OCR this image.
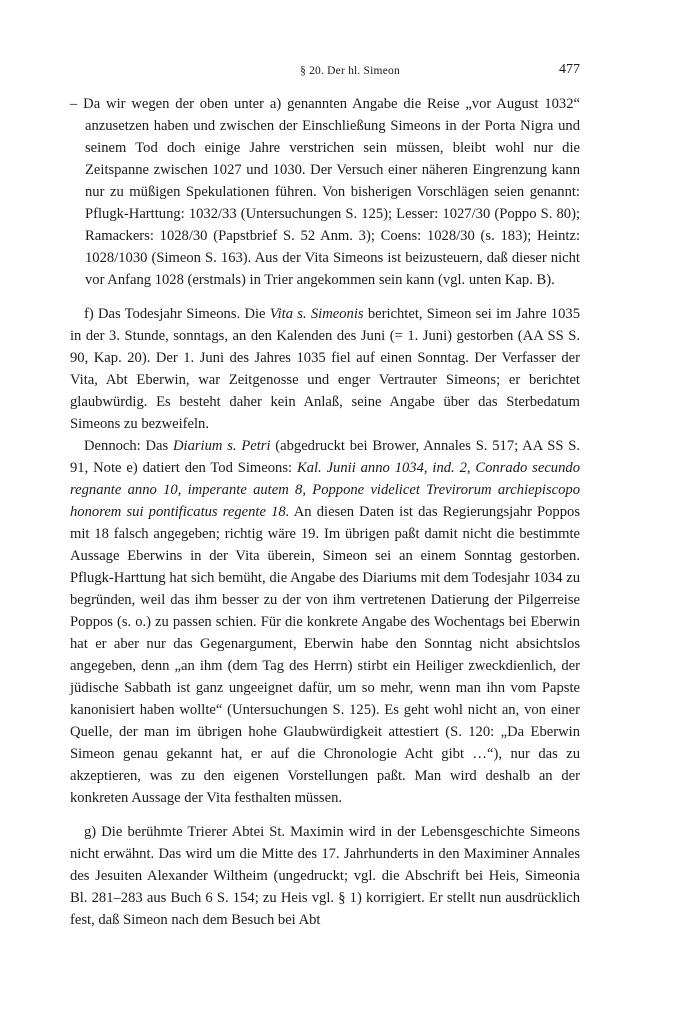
§ 20. Der hl. Simeon	477

– Da wir wegen der oben unter a) genannten Angabe die Reise „vor August 1032“ anzusetzen haben und zwischen der Einschließung Simeons in der Porta Nigra und seinem Tod doch einige Jahre verstrichen sein müssen, bleibt wohl nur die Zeitspanne zwischen 1027 und 1030. Der Versuch einer näheren Eingrenzung kann nur zu müßigen Spekulationen führen. Von bisherigen Vorschlägen seien genannt: Pflugk-Harttung: 1032/33 (Untersuchungen S. 125); Lesser: 1027/30 (Poppo S. 80); Ramackers: 1028/30 (Papstbrief S. 52 Anm. 3); Coens: 1028/30 (s. 183); Heintz: 1028/1030 (Simeon S. 163). Aus der Vita Simeons ist beizusteuern, daß dieser nicht vor Anfang 1028 (erstmals) in Trier angekommen sein kann (vgl. unten Kap. B).

f) Das Todesjahr Simeons. Die Vita s. Simeonis berichtet, Simeon sei im Jahre 1035 in der 3. Stunde, sonntags, an den Kalenden des Juni (= 1. Juni) gestorben (AA SS S. 90, Kap. 20). Der 1. Juni des Jahres 1035 fiel auf einen Sonntag. Der Verfasser der Vita, Abt Eberwin, war Zeitgenosse und enger Vertrauter Simeons; er berichtet glaubwürdig. Es besteht daher kein Anlaß, seine Angabe über das Sterbedatum Simeons zu bezweifeln.

Dennoch: Das Diarium s. Petri (abgedruckt bei Brower, Annales S. 517; AA SS S. 91, Note e) datiert den Tod Simeons: Kal. Junii anno 1034, ind. 2, Conrado secundo regnante anno 10, imperante autem 8, Poppone videlicet Trevirorum archiepiscopo honorem sui pontificatus regente 18. An diesen Daten ist das Regierungsjahr Poppos mit 18 falsch angegeben; richtig wäre 19. Im übrigen paßt damit nicht die bestimmte Aussage Eberwins in der Vita überein, Simeon sei an einem Sonntag gestorben. Pflugk-Harttung hat sich bemüht, die Angabe des Diariums mit dem Todesjahr 1034 zu begründen, weil das ihm besser zu der von ihm vertretenen Datierung der Pilgerreise Poppos (s. o.) zu passen schien. Für die konkrete Angabe des Wochentags bei Eberwin hat er aber nur das Gegenargument, Eberwin habe den Sonntag nicht absichtslos angegeben, denn „an ihm (dem Tag des Herrn) stirbt ein Heiliger zweckdienlich, der jüdische Sabbath ist ganz ungeeignet dafür, um so mehr, wenn man ihn vom Papste kanonisiert haben wollte“ (Untersuchungen S. 125). Es geht wohl nicht an, von einer Quelle, der man im übrigen hohe Glaubwürdigkeit attestiert (S. 120: „Da Eberwin Simeon genau gekannt hat, er auf die Chronologie Acht gibt …“), nur das zu akzeptieren, was zu den eigenen Vorstellungen paßt. Man wird deshalb an der konkreten Aussage der Vita festhalten müssen.

g) Die berühmte Trierer Abtei St. Maximin wird in der Lebensgeschichte Simeons nicht erwähnt. Das wird um die Mitte des 17. Jahrhunderts in den Maximiner Annales des Jesuiten Alexander Wiltheim (ungedruckt; vgl. die Abschrift bei Heis, Simeonia Bl. 281–283 aus Buch 6 S. 154; zu Heis vgl. § 1) korrigiert. Er stellt nun ausdrücklich fest, daß Simeon nach dem Besuch bei Abt
